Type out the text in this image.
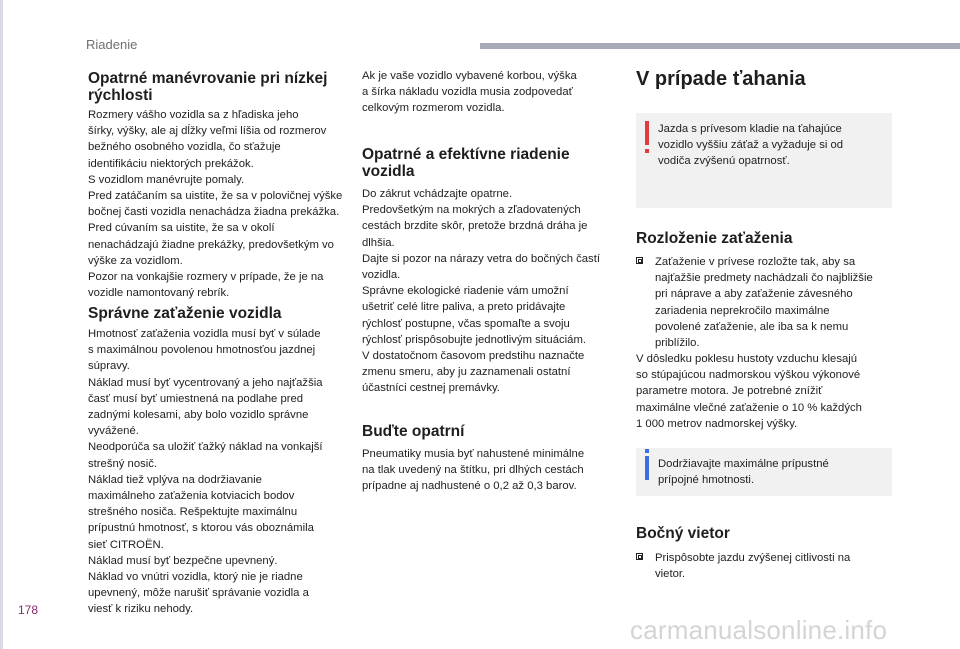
Riadenie
Opatrné manévrovanie pri nízkej
rýchlosti

Rozmery vášho vozidla sa z hľadiska jeho
šírky, výšky, ale aj dĺžky veľmi líšia od rozmerov
bežného osobného vozidla, čo sťažuje
identifikáciu niektorých prekážok.
S vozidlom manévrujte pomaly.
Pred zatáčaním sa uistite, že sa v polovičnej výške
bočnej časti vozidla nenachádza žiadna prekážka.
Pred cúvaním sa uistite, že sa v okolí
nenachádzajú žiadne prekážky, predovšetkým vo
výške za vozidlom.
Pozor na vonkajšie rozmery v prípade, že je na
vozidle namontovaný rebrík.

Správne zaťaženie vozidla

Hmotnosť zaťaženia vozidla musí byť v súlade
s maximálnou povolenou hmotnosťou jazdnej
súpravy.
Náklad musí byť vycentrovaný a jeho najťažšia
časť musí byť umiestnená na podlahe pred
zadnými kolesami, aby bolo vozidlo správne
vyvážené.
Neodporúča sa uložiť ťažký náklad na vonkajší
strešný nosič.
Náklad tiež vplýva na dodržiavanie
maximálneho zaťaženia kotviacich bodov
strešného nosiča. Rešpektujte maximálnu
prípustnú hmotnosť, s ktorou vás oboznámila
sieť CITROËN.
Náklad musí byť bezpečne upevnený.
Náklad vo vnútri vozidla, ktorý nie je riadne
upevnený, môže narušiť správanie vozidla a
viesť k riziku nehody.

Ak je vaše vozidlo vybavené korbou, výška
a šírka nákladu vozidla musia zodpovedať
celkovým rozmerom vozidla.

Opatrné a efektívne riadenie
vozidla

Do zákrut vchádzajte opatrne.
Predovšetkým na mokrých a zľadovatených
cestách brzdite skôr, pretože brzdná dráha je
dlhšia.
Dajte si pozor na nárazy vetra do bočných častí
vozidla.
Správne ekologické riadenie vám umožní
ušetriť celé litre paliva, a preto pridávajte
rýchlosť postupne, včas spomaľte a svoju
rýchlosť prispôsobujte jednotlivým situáciám.
V dostatočnom časovom predstihu naznačte
zmenu smeru, aby ju zaznamenali ostatní
účastníci cestnej premávky.

Buďte opatrní

Pneumatiky musia byť nahustené minimálne
na tlak uvedený na štítku, pri dlhých cestách
prípadne aj nadhustené o 0,2 až 0,3 barov.

V prípade ťahania
Jazda s prívesom kladie na ťahajúce
vozidlo vyššiu záťaž a vyžaduje si od
vodiča zvýšenú opatrnosť.
Rozloženie zaťaženia
Zaťaženie v prívese rozložte tak, aby sa
najťažšie predmety nachádzali čo najbližšie
pri náprave a aby zaťaženie závesného
zariadenia neprekročilo maximálne
povolené zaťaženie, ale iba sa k nemu
priblížilo.

V dôsledku poklesu hustoty vzduchu klesajú
so stúpajúcou nadmorskou výškou výkonové
parametre motora. Je potrebné znížiť
maximálne vlečné zaťaženie o 10 % každých
1 000 metrov nadmorskej výšky.

Dodržiavajte maximálne prípustné
prípojné hmotnosti.
Bočný vietor
Prispôsobte jazdu zvýšenej citlivosti na
vietor.
178
carmanualsonline.info
